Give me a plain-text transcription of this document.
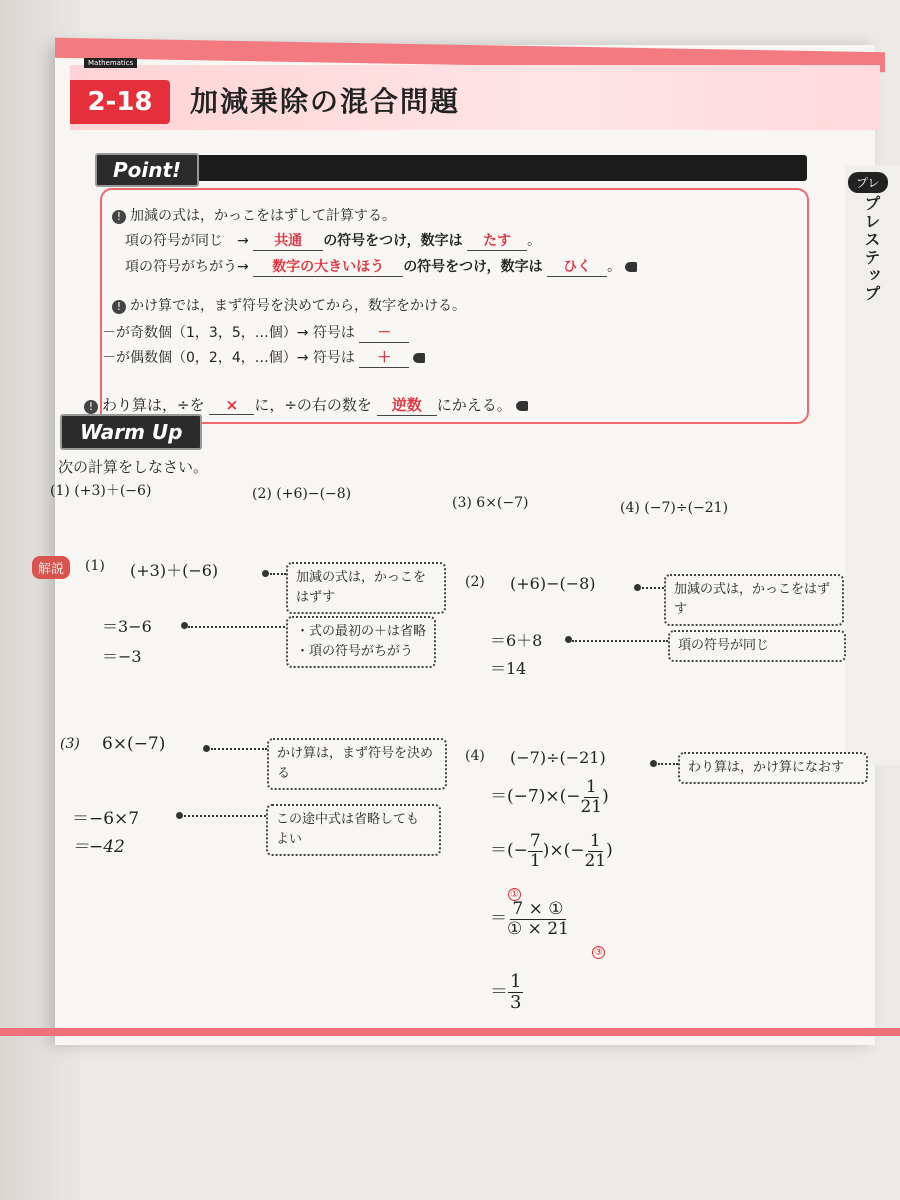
Mathematics
2-18	加減乗除の混合問題
プレ
プレステップ
Point!
! 加減の式は，かっこをはずして計算する。
項の符号が同じ　→ 共通 の符号をつけ，数字は たす 。
項の符号がちがう→ 数字の大きいほう の符号をつけ，数字は ひく 。
! かけ算では，まず符号を決めてから，数字をかける。
－が奇数個（1，3，5，…個）→ 符号は －
－が偶数個（0，2，4，…個）→ 符号は ＋
! わり算は，÷を × に，÷の右の数を 逆数 にかえる。
Warm Up
次の計算をしなさい。
(1) (+3)＋(−6)	(2) (+6)−(−8)
(3) 6×(−7)	(4) (−7)÷(−21)
解説	(1) (+3)＋(−6)	加減の式は，かっこをはずす
＝3−6	・式の最初の＋は省略
・項の符号がちがう
＝−3
(2) (+6)−(−8)	加減の式は，かっこをはずす
＝6＋8	項の符号が同じ
＝14
(3) 6×(−7)	かけ算は，まず符号を決める
＝−6×7	この途中式は省略してもよい
＝−42
(4) (−7)÷(−21)
わり算は，かけ算になおす
$=(-7)\times(- \frac{1}{21}$ )
＝(− $\frac{7}{1}$ )×(− $\frac{1}{21}$ )
①
＝ $\frac{\text{7 × ①}}{\text{① × 21}}$
③
＝ $\frac{1}{3}$
